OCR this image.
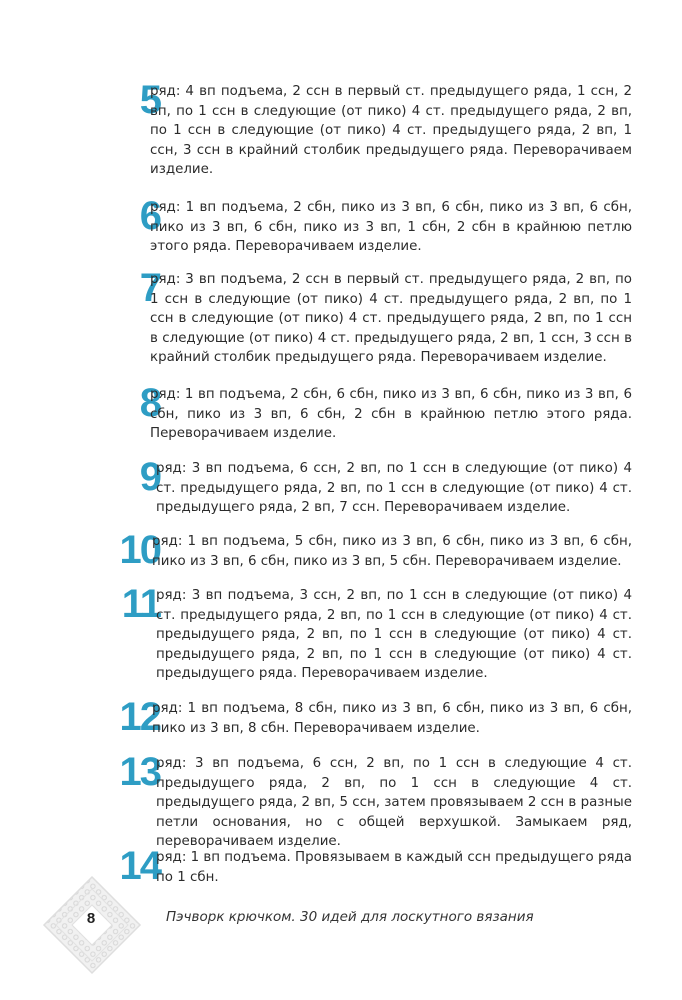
5
ряд: 4 вп подъема, 2 ссн в первый ст. предыдущего ряда, 1 ссн, 2 вп, по 1 ссн в следующие (от пико) 4 ст. предыдущего ряда, 2 вп, по 1 ссн в следующие (от пико) 4 ст. предыдущего ряда, 2 вп, 1 ссн, 3 ссн в крайний столбик предыдущего ряда. Переворачиваем изделие.
6
ряд: 1 вп подъема, 2 сбн, пико из 3 вп, 6 сбн, пико из 3 вп, 6 сбн, пико из 3 вп, 6 сбн, пико из 3 вп, 1 сбн, 2 сбн в крайнюю петлю этого ряда. Переворачиваем изделие.
7
ряд: 3 вп подъема, 2 ссн в первый ст. предыдущего ряда, 2 вп, по 1 ссн в следующие (от пико) 4 ст. предыдущего ряда, 2 вп, по 1 ссн в следующие (от пико) 4 ст. предыдущего ряда, 2 вп, по 1 ссн в следующие (от пико) 4 ст. предыдущего ряда, 2 вп, 1 ссн, 3 ссн в крайний столбик предыдущего ряда. Переворачиваем изделие.
8
ряд: 1 вп подъема, 2 сбн, 6 сбн, пико из 3 вп, 6 сбн, пико из 3 вп, 6 сбн, пико из 3 вп, 6 сбн, 2 сбн в крайнюю петлю этого ряда. Переворачиваем изделие.
9
ряд: 3 вп подъема, 6 ссн, 2 вп, по 1 ссн в следующие (от пико) 4 ст. предыдущего ряда, 2 вп, по 1 ссн в следующие (от пико) 4 ст. предыдущего ряда, 2 вп, 7 ссн. Переворачиваем изделие.
10
ряд: 1 вп подъема, 5 сбн, пико из 3 вп, 6 сбн, пико из 3 вп, 6 сбн, пико из 3 вп, 6 сбн, пико из 3 вп, 5 сбн. Переворачиваем изделие.
11
ряд: 3 вп подъема, 3 ссн, 2 вп, по 1 ссн в следующие (от пико) 4 ст. предыдущего ряда, 2 вп, по 1 ссн в следующие (от пико) 4 ст. предыдущего ряда, 2 вп, по 1 ссн в следующие (от пико) 4 ст. предыдущего ряда, 2 вп, по 1 ссн в следующие (от пико) 4 ст. предыдущего ряда. Переворачиваем изделие.
12
ряд: 1 вп подъема, 8 сбн, пико из 3 вп, 6 сбн, пико из 3 вп, 6 сбн, пико из 3 вп, 8 сбн. Переворачиваем изделие.
13
ряд: 3 вп подъема, 6 ссн, 2 вп, по 1 ссн в следующие 4 ст. предыдущего ряда, 2 вп, по 1 ссн в следующие 4 ст. предыдущего ряда, 2 вп, 5 ссн, затем провязываем 2 ссн в разные петли основания, но с общей верхушкой. Замыкаем ряд, переворачиваем изделие.
14
ряд: 1 вп подъема. Провязываем в каждый ссн предыдущего ряда по 1 сбн.
8	Пэчворк крючком. 30 идей для лоскутного вязания
